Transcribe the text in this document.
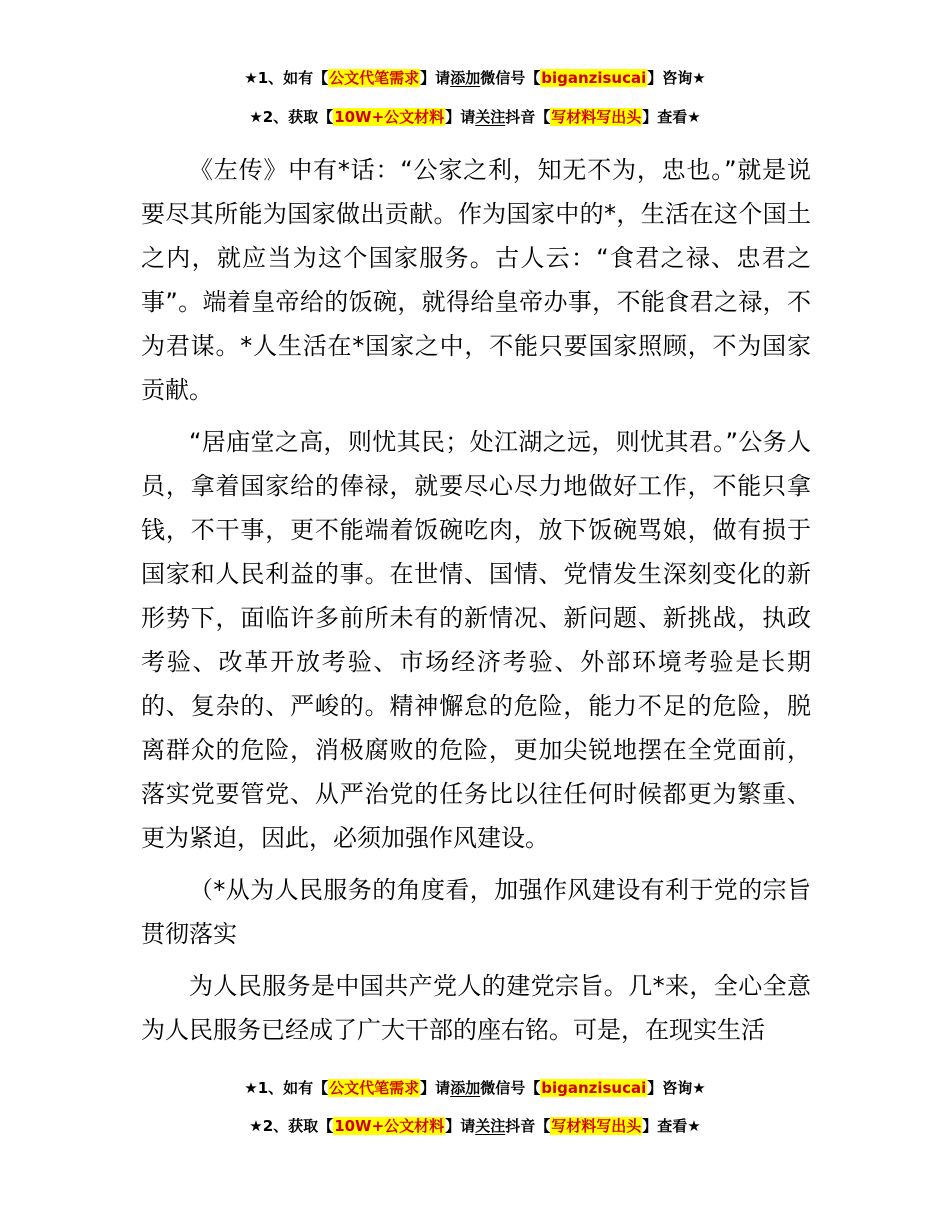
★1、如有【公文代笔需求】请添加微信号【biganzisucai】咨询★
★2、获取【10W+公文材料】请关注抖音【写材料写出头】查看★

《左传》中有*话：“公家之利，知无不为，忠也。”就是说要尽其所能为国家做出贡献。作为国家中的*，生活在这个国土之内，就应当为这个国家服务。古人云：“食君之禄、忠君之事”。端着皇帝给的饭碗，就得给皇帝办事，不能食君之禄，不为君谋。*人生活在*国家之中，不能只要国家照顾，不为国家贡献。

“居庙堂之高，则忧其民；处江湖之远，则忧其君。”公务人员，拿着国家给的俸禄，就要尽心尽力地做好工作，不能只拿钱，不干事，更不能端着饭碗吃肉，放下饭碗骂娘，做有损于国家和人民利益的事。在世情、国情、党情发生深刻变化的新形势下，面临许多前所未有的新情况、新问题、新挑战，执政考验、改革开放考验、市场经济考验、外部环境考验是长期的、复杂的、严峻的。精神懈怠的危险，能力不足的危险，脱离群众的危险，消极腐败的危险，更加尖锐地摆在全党面前，落实党要管党、从严治党的任务比以往任何时候都更为繁重、更为紧迫，因此，必须加强作风建设。

（*从为人民服务的角度看，加强作风建设有利于党的宗旨贯彻落实

为人民服务是中国共产党人的建党宗旨。几*来，全心全意为人民服务已经成了广大干部的座右铭。可是，在现实生活

★1、如有【公文代笔需求】请添加微信号【biganzisucai】咨询★
★2、获取【10W+公文材料】请关注抖音【写材料写出头】查看★
